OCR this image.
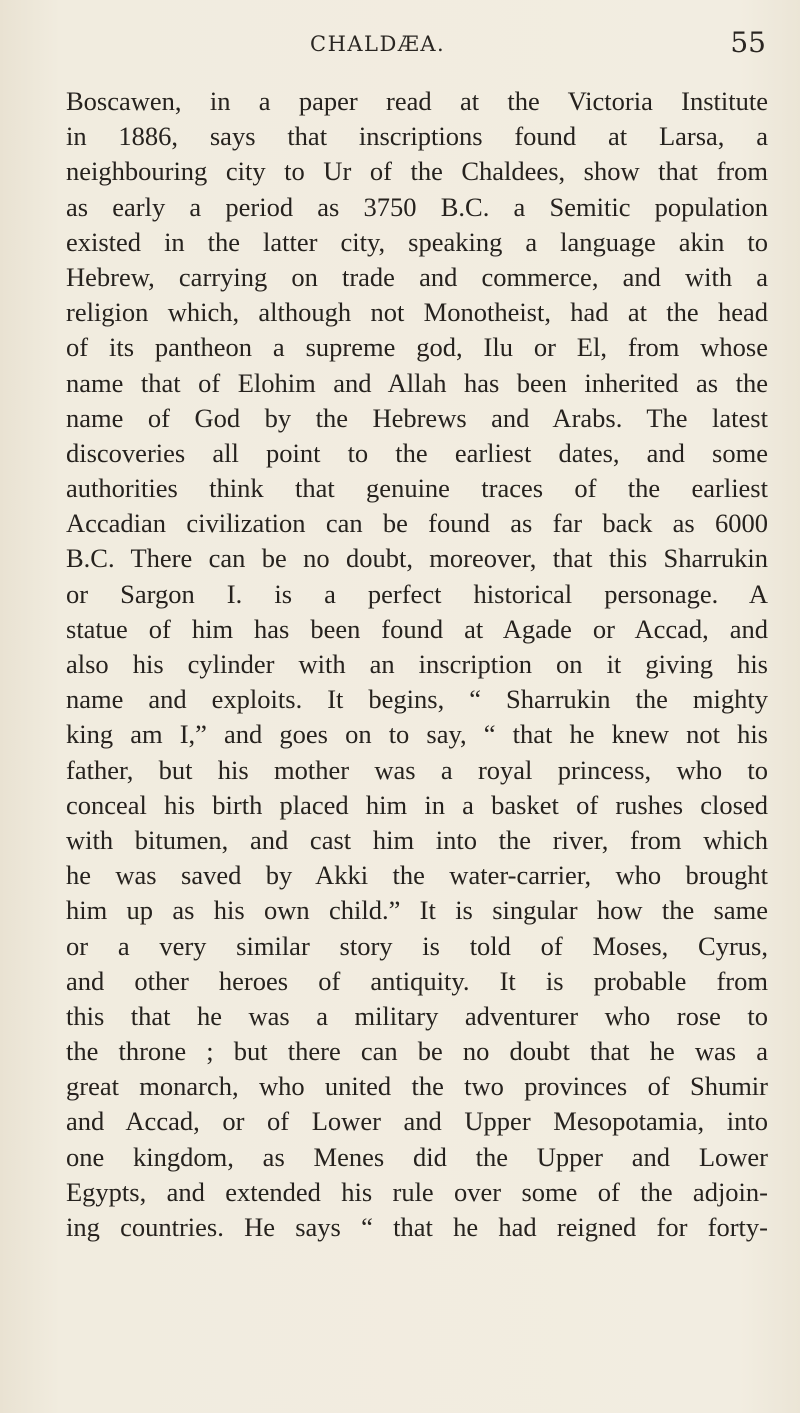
CHALDÆA.	55
Boscawen, in a paper read at the Victoria Institute
in 1886, says that inscriptions found at Larsa, a
neighbouring city to Ur of the Chaldees, show that from
as early a period as 3750 B.C. a Semitic population
existed in the latter city, speaking a language akin to
Hebrew, carrying on trade and commerce, and with a
religion which, although not Monotheist, had at the head
of its pantheon a supreme god, Ilu or El, from whose
name that of Elohim and Allah has been inherited as the
name of God by the Hebrews and Arabs. The latest
discoveries all point to the earliest dates, and some
authorities think that genuine traces of the earliest
Accadian civilization can be found as far back as 6000
B.C. There can be no doubt, moreover, that this Sharrukin
or Sargon I. is a perfect historical personage. A
statue of him has been found at Agade or Accad, and
also his cylinder with an inscription on it giving his
name and exploits. It begins, “ Sharrukin the mighty
king am I,” and goes on to say, “ that he knew not his
father, but his mother was a royal princess, who to
conceal his birth placed him in a basket of rushes closed
with bitumen, and cast him into the river, from which
he was saved by Akki the water-carrier, who brought
him up as his own child.” It is singular how the same
or a very similar story is told of Moses, Cyrus,
and other heroes of antiquity. It is probable from
this that he was a military adventurer who rose to
the throne ; but there can be no doubt that he was a
great monarch, who united the two provinces of Shumir
and Accad, or of Lower and Upper Mesopotamia, into
one kingdom, as Menes did the Upper and Lower
Egypts, and extended his rule over some of the adjoin-
ing countries. He says “ that he had reigned for forty-
